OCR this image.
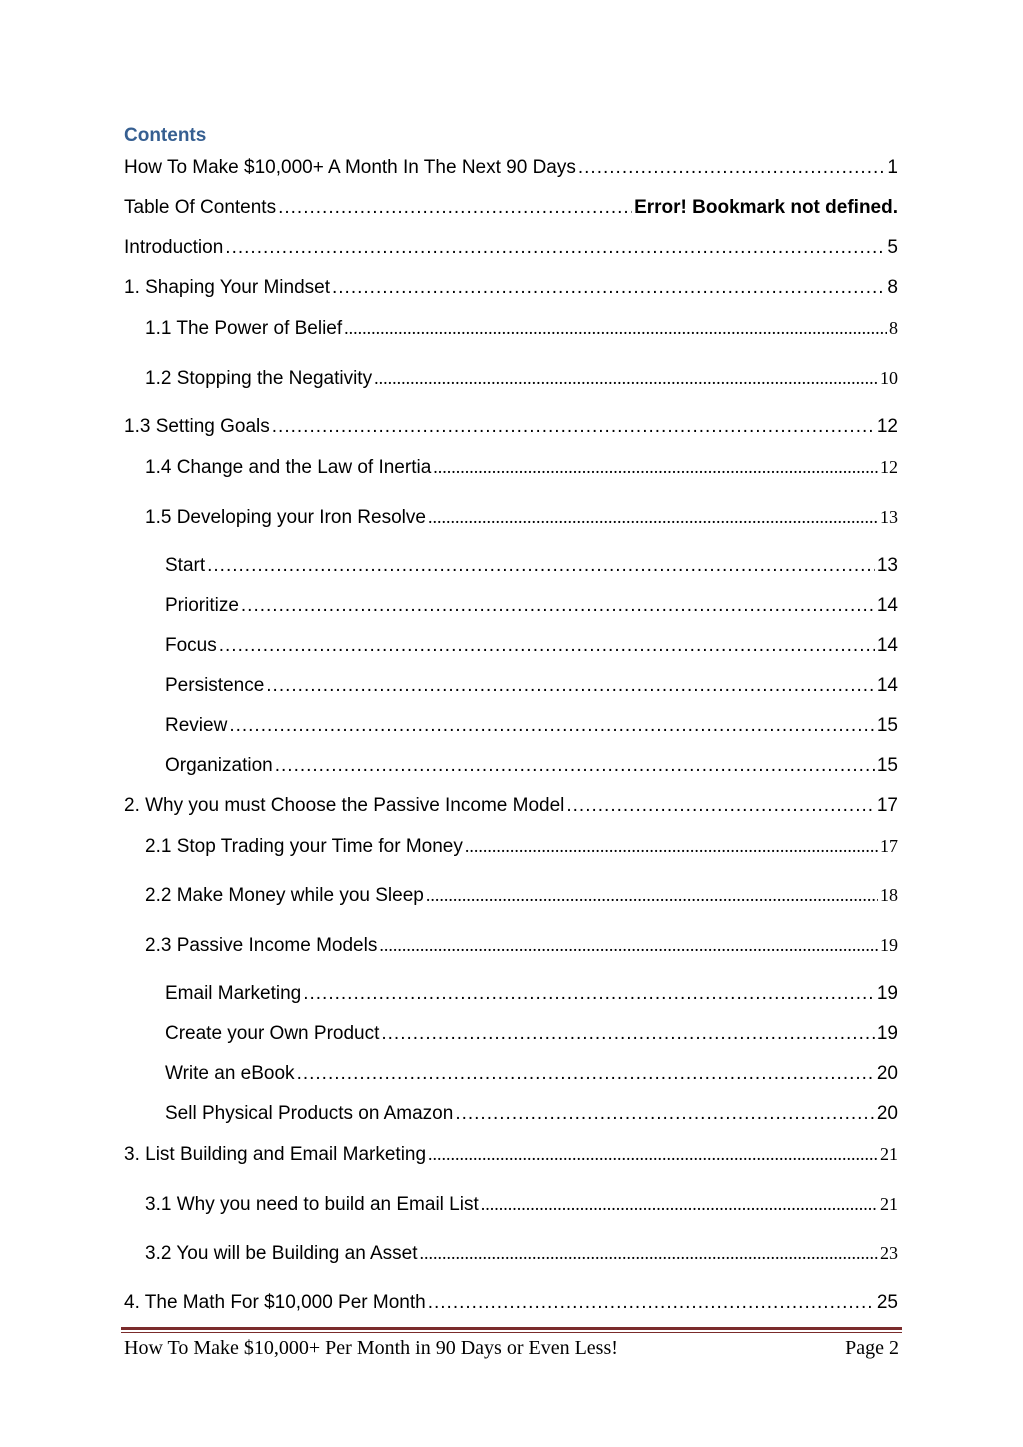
Contents
How To Make $10,000+ A Month In The Next 90 Days .....	1
Table Of Contents .....	Error! Bookmark not defined.
Introduction .....	5
1. Shaping Your Mindset .....	8
1.1 The Power of Belief .....	8
1.2 Stopping the Negativity .....	10
1.3 Setting Goals .....	12
1.4 Change and the Law of Inertia .....	12
1.5 Developing your Iron Resolve .....	13
Start .....	13
Prioritize .....	14
Focus .....	14
Persistence .....	14
Review .....	15
Organization .....	15
2. Why you must Choose the Passive Income Model .....	17
2.1 Stop Trading your Time for Money .....	17
2.2 Make Money while you Sleep .....	18
2.3 Passive Income Models .....	19
Email Marketing .....	19
Create your Own Product .....	19
Write an eBook .....	20
Sell Physical Products on Amazon .....	20
3. List Building and Email Marketing .....	21
3.1 Why you need to build an Email List .....	21
3.2 You will be Building an Asset .....	23
4. The Math For $10,000 Per Month .....	25
How To Make $10,000+ Per Month in 90 Days or Even Less!	Page 2
